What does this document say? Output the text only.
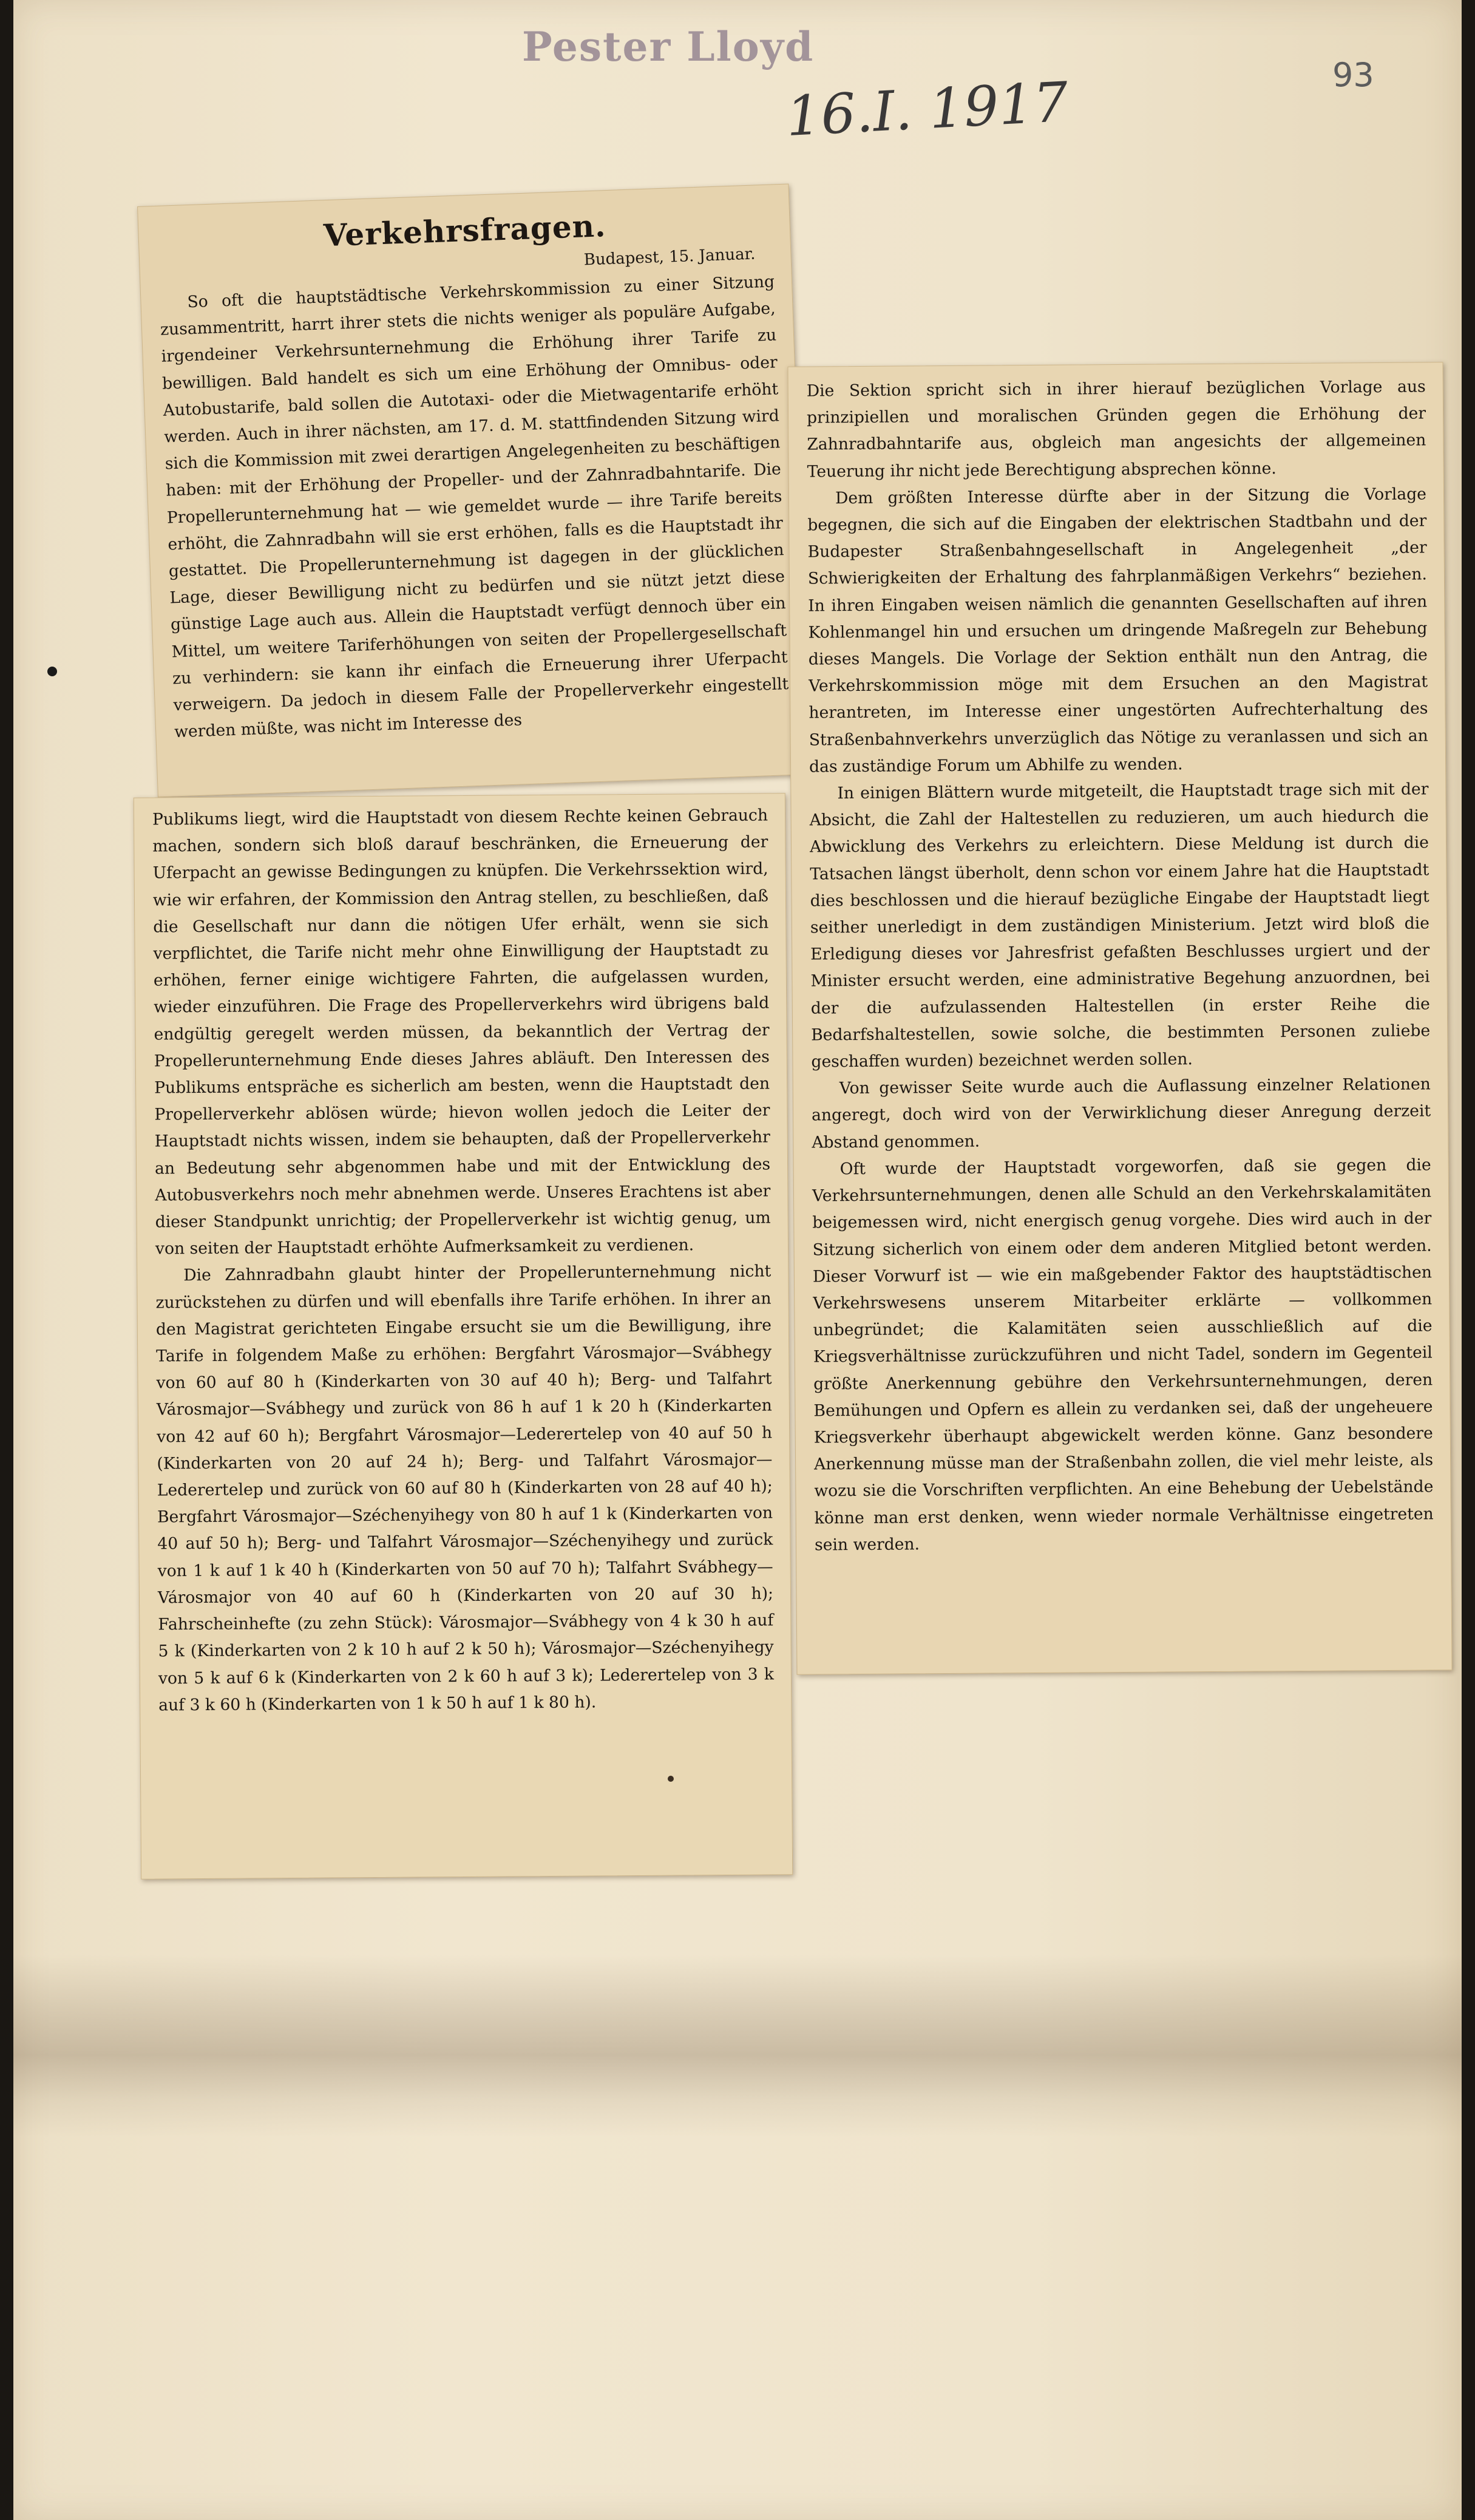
Pester Lloyd
16.I. 1917	93
Verkehrsfragen.
Budapest, 15. Januar.

So oft die hauptstädtische Verkehrskommission zu einer Sitzung zusammentritt, harrt ihrer stets die nichts weniger als populäre Aufgabe, irgendeiner Verkehrsunternehmung die Erhöhung ihrer Tarife zu bewilligen. Bald handelt es sich um eine Erhöhung der Omnibus- oder Autobustarife, bald sollen die Autotaxi- oder die Mietwagentarife erhöht werden. Auch in ihrer nächsten, am 17. d. M. stattfindenden Sitzung wird sich die Kommission mit zwei derartigen Angelegenheiten zu beschäftigen haben: mit der Erhöhung der Propeller- und der Zahnradbahntarife. Die Propellerunternehmung hat — wie gemeldet wurde — ihre Tarife bereits erhöht, die Zahnradbahn will sie erst erhöhen, falls es die Hauptstadt ihr gestattet. Die Propellerunternehmung ist dagegen in der glücklichen Lage, dieser Bewilligung nicht zu bedürfen und sie nützt jetzt diese günstige Lage auch aus. Allein die Hauptstadt verfügt dennoch über ein Mittel, um weitere Tariferhöhungen von seiten der Propellergesellschaft zu verhindern: sie kann ihr einfach die Erneuerung ihrer Uferpacht verweigern. Da jedoch in diesem Falle der Propellerverkehr eingestellt werden müßte, was nicht im Interesse des

Die Sektion spricht sich in ihrer hierauf bezüglichen Vorlage aus prinzipiellen und moralischen Gründen gegen die Erhöhung der Zahnradbahntarife aus, obgleich man angesichts der allgemeinen Teuerung ihr nicht jede Berechtigung absprechen könne.

Dem größten Interesse dürfte aber in der Sitzung die Vorlage begegnen, die sich auf die Eingaben der elektrischen Stadtbahn und der Budapester Straßenbahngesellschaft in Angelegenheit „der Schwierigkeiten der Erhaltung des fahrplanmäßigen Verkehrs“ beziehen. In ihren Eingaben weisen nämlich die genannten Gesellschaften auf ihren Kohlenmangel hin und ersuchen um dringende Maßregeln zur Behebung dieses Mangels. Die Vorlage der Sektion enthält nun den Antrag, die Verkehrskommission möge mit dem Ersuchen an den Magistrat herantreten, im Interesse einer ungestörten Aufrechterhaltung des Straßenbahnverkehrs unverzüglich das Nötige zu veranlassen und sich an das zuständige Forum um Abhilfe zu wenden.

In einigen Blättern wurde mitgeteilt, die Hauptstadt trage sich mit der Absicht, die Zahl der Haltestellen zu reduzieren, um auch hiedurch die Abwicklung des Verkehrs zu erleichtern. Diese Meldung ist durch die Tatsachen längst überholt, denn schon vor einem Jahre hat die Hauptstadt dies beschlossen und die hierauf bezügliche Eingabe der Hauptstadt liegt seither unerledigt in dem zuständigen Ministerium. Jetzt wird bloß die Erledigung dieses vor Jahresfrist gefaßten Beschlusses urgiert und der Minister ersucht werden, eine administrative Begehung anzuordnen, bei der die aufzulassenden Haltestellen (in erster Reihe die Bedarfshaltestellen, sowie solche, die bestimmten Personen zuliebe geschaffen wurden) bezeichnet werden sollen.

Von gewisser Seite wurde auch die Auflassung einzelner Relationen angeregt, doch wird von der Verwirklichung dieser Anregung derzeit Abstand genommen.

Oft wurde der Hauptstadt vorgeworfen, daß sie gegen die Verkehrsunternehmungen, denen alle Schuld an den Verkehrskalamitäten beigemessen wird, nicht energisch genug vorgehe. Dies wird auch in der Sitzung sicherlich von einem oder dem anderen Mitglied betont werden. Dieser Vorwurf ist — wie ein maßgebender Faktor des hauptstädtischen Verkehrswesens unserem Mitarbeiter erklärte — vollkommen unbegründet; die Kalamitäten seien ausschließlich auf die Kriegsverhältnisse zurückzuführen und nicht Tadel, sondern im Gegenteil größte Anerkennung gebühre den Verkehrsunternehmungen, deren Bemühungen und Opfern es allein zu verdanken sei, daß der ungeheuere Kriegsverkehr überhaupt abgewickelt werden könne. Ganz besondere Anerkennung müsse man der Straßenbahn zollen, die viel mehr leiste, als wozu sie die Vorschriften verpflichten. An eine Behebung der Uebelstände könne man erst denken, wenn wieder normale Verhältnisse eingetreten sein werden.

Publikums liegt, wird die Hauptstadt von diesem Rechte keinen Gebrauch machen, sondern sich bloß darauf beschränken, die Erneuerung der Uferpacht an gewisse Bedingungen zu knüpfen. Die Verkehrssektion wird, wie wir erfahren, der Kommission den Antrag stellen, zu beschließen, daß die Gesellschaft nur dann die nötigen Ufer erhält, wenn sie sich verpflichtet, die Tarife nicht mehr ohne Einwilligung der Hauptstadt zu erhöhen, ferner einige wichtigere Fahrten, die aufgelassen wurden, wieder einzuführen. Die Frage des Propellerverkehrs wird übrigens bald endgültig geregelt werden müssen, da bekanntlich der Vertrag der Propellerunternehmung Ende dieses Jahres abläuft. Den Interessen des Publikums entspräche es sicherlich am besten, wenn die Hauptstadt den Propellerverkehr ablösen würde; hievon wollen jedoch die Leiter der Hauptstadt nichts wissen, indem sie behaupten, daß der Propellerverkehr an Bedeutung sehr abgenommen habe und mit der Entwicklung des Autobusverkehrs noch mehr abnehmen werde. Unseres Erachtens ist aber dieser Standpunkt unrichtig; der Propellerverkehr ist wichtig genug, um von seiten der Hauptstadt erhöhte Aufmerksamkeit zu verdienen.

Die Zahnradbahn glaubt hinter der Propellerunternehmung nicht zurückstehen zu dürfen und will ebenfalls ihre Tarife erhöhen. In ihrer an den Magistrat gerichteten Eingabe ersucht sie um die Bewilligung, ihre Tarife in folgendem Maße zu erhöhen: Bergfahrt Városmajor—Svábhegy von 60 auf 80 h (Kinderkarten von 30 auf 40 h); Berg- und Talfahrt Városmajor—Svábhegy und zurück von 86 h auf 1 k 20 h (Kinderkarten von 42 auf 60 h); Bergfahrt Városmajor—Ledererteleр von 40 auf 50 h (Kinderkarten von 20 auf 24 h); Berg- und Talfahrt Városmajor—Ledererteleр und zurück von 60 auf 80 h (Kinderkarten von 28 auf 40 h); Bergfahrt Városmajor—Széchenyihegy von 80 h auf 1 k (Kinderkarten von 40 auf 50 h); Berg- und Talfahrt Városmajor—Széchenyihegy und zurück von 1 k auf 1 k 40 h (Kinderkarten von 50 auf 70 h); Talfahrt Svábhegy—Városmajor von 40 auf 60 h (Kinderkarten von 20 auf 30 h); Fahrscheinhefte (zu zehn Stück): Városmajor—Svábhegy von 4 k 30 h auf 5 k (Kinderkarten von 2 k 10 h auf 2 k 50 h); Városmajor—Széchenyihegy von 5 k auf 6 k (Kinderkarten von 2 k 60 h auf 3 k); Ledererteleр von 3 k auf 3 k 60 h (Kinderkarten von 1 k 50 h auf 1 k 80 h).
